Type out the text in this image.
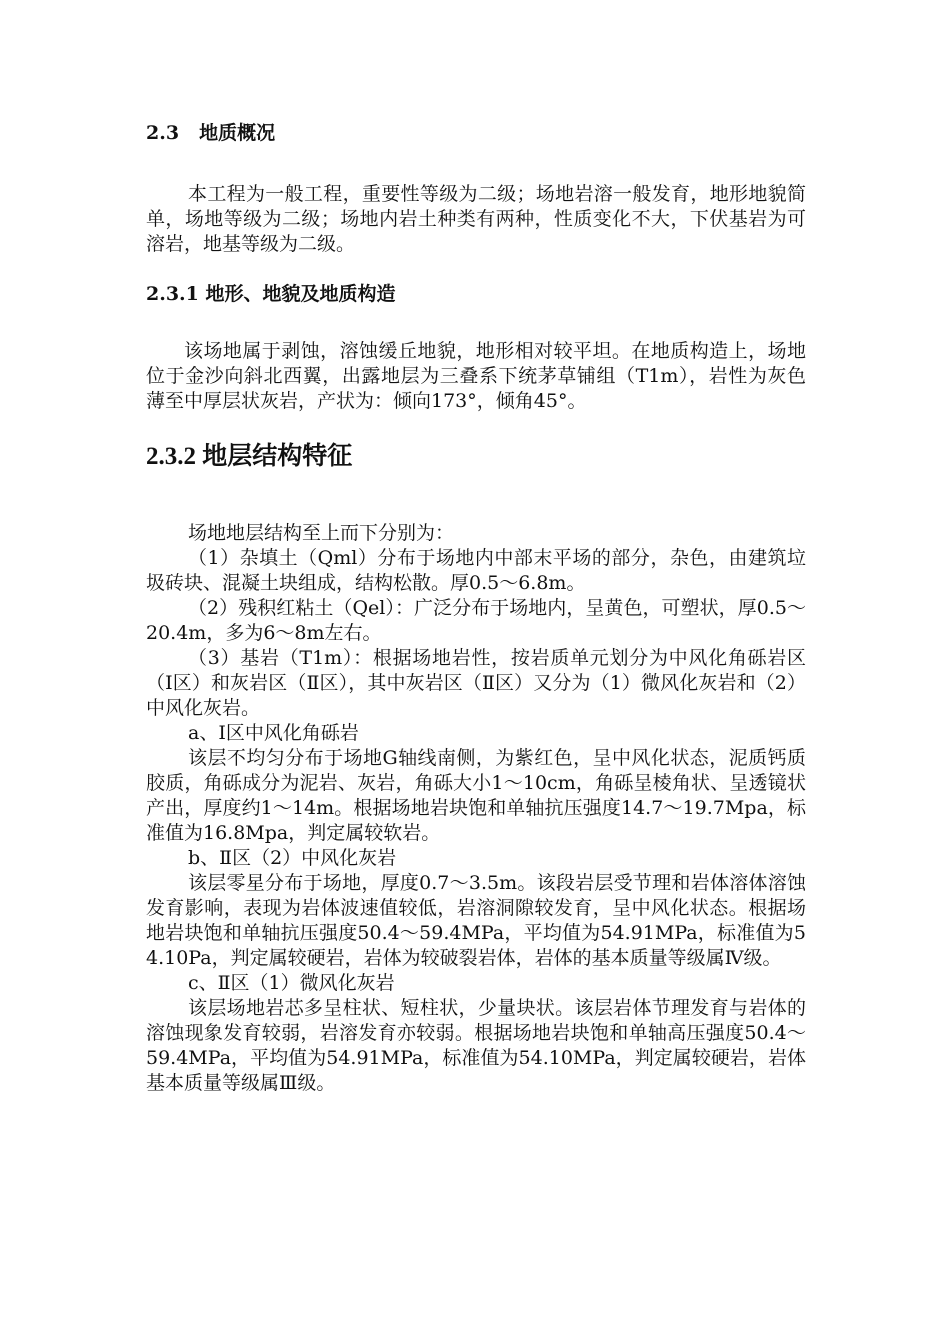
2.3 地质概况

本工程为一般工程，重要性等级为二级；场地岩溶一般发育，地形地貌简单，场地等级为二级；场地内岩土种类有两种，性质变化不大，下伏基岩为可溶岩，地基等级为二级。

2.3.1 地形、地貌及地质构造

该场地属于剥蚀，溶蚀缓丘地貌，地形相对较平坦。在地质构造上，场地位于金沙向斜北西翼，出露地层为三叠系下统茅草铺组（T1m），岩性为灰色薄至中厚层状灰岩，产状为：倾向173°，倾角45°。

2.3.2 地层结构特征

场地地层结构至上而下分别为：

（1）杂填土（Qml）分布于场地内中部末平场的部分，杂色，由建筑垃圾砖块、混凝土块组成，结构松散。厚0.5～6.8m。

（2）残积红粘土（Qel）：广泛分布于场地内，呈黄色，可塑状，厚0.5～20.4m，多为6～8m左右。

（3）基岩（T1m）：根据场地岩性，按岩质单元划分为中风化角砾岩区（Ⅰ区）和灰岩区（Ⅱ区），其中灰岩区（Ⅱ区）又分为（1）微风化灰岩和（2）中风化灰岩。

a、Ⅰ区中风化角砾岩

该层不均匀分布于场地G轴线南侧，为紫红色，呈中风化状态，泥质钙质胶质，角砾成分为泥岩、灰岩，角砾大小1～10cm，角砾呈棱角状、呈透镜状产出，厚度约1～14m。根据场地岩块饱和单轴抗压强度14.7～19.7Mpa，标准值为16.8Mpa，判定属较软岩。

b、Ⅱ区（2）中风化灰岩

该层零星分布于场地，厚度0.7～3.5m。该段岩层受节理和岩体溶体溶蚀发育影响，表现为岩体波速值较低，岩溶洞隙较发育，呈中风化状态。根据场地岩块饱和单轴抗压强度50.4～59.4MPa，平均值为54.91MPa，标准值为54.10Pa，判定属较硬岩，岩体为较破裂岩体，岩体的基本质量等级属Ⅳ级。

c、Ⅱ区（1）微风化灰岩

该层场地岩芯多呈柱状、短柱状，少量块状。该层岩体节理发育与岩体的溶蚀现象发育较弱，岩溶发育亦较弱。根据场地岩块饱和单轴高压强度50.4～59.4MPa，平均值为54.91MPa，标准值为54.10MPa，判定属较硬岩，岩体基本质量等级属Ⅲ级。
